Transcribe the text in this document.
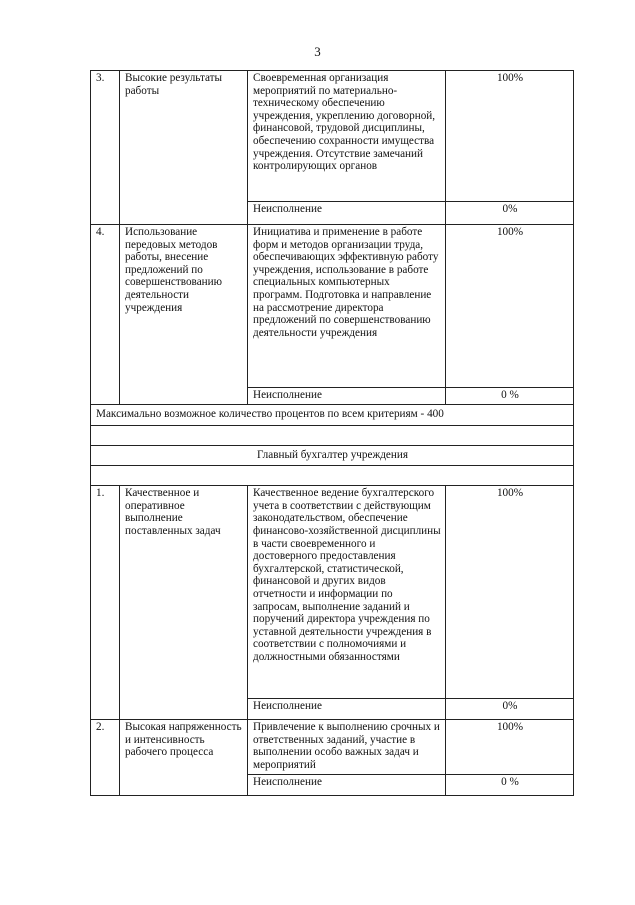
3
3.	Высокие результаты работы	Своевременная организация мероприятий по материально-техническому обеспечению учреждения, укреплению договорной, финансовой, трудовой дисциплины, обеспечению сохранности имущества учреждения. Отсутствие замечаний контролирующих органов	100%
		Неисполнение	0%
4.	Использование передовых методов работы, внесение предложений по совершенствованию деятельности учреждения	Инициатива и применение в работе форм и методов организации труда, обеспечивающих эффективную работу учреждения, использование в работе специальных компьютерных программ. Подготовка и направление на рассмотрение директора предложений по совершенствованию деятельности учреждения	100%
		Неисполнение	0 %
Максимально возможное количество процентов по всем критериям - 400			

Главный бухгалтер учреждения			

1.	Качественное и оперативное выполнение поставленных задач	Качественное ведение бухгалтерского учета в соответствии с действующим законодательством, обеспечение финансово-хозяйственной дисциплины в части своевременного и достоверного предоставления бухгалтерской, статистической, финансовой и других видов отчетности и информации по запросам, выполнение заданий и поручений директора учреждения по уставной деятельности учреждения в соответствии с полномочиями и должностными обязанностями	100%
		Неисполнение	0%
2.	Высокая напряженность и интенсивность рабочего процесса	Привлечение к выполнению срочных и ответственных заданий, участие в выполнении особо важных задач и мероприятий	100%
		Неисполнение	0 %
